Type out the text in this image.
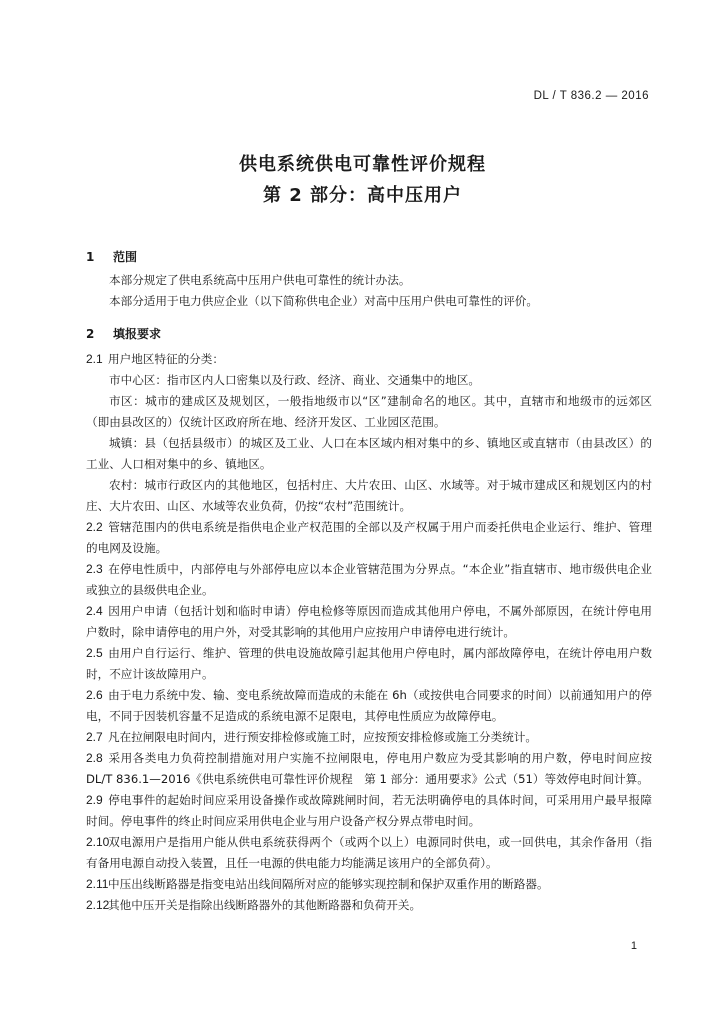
DL / T 836.2 — 2016
供电系统供电可靠性评价规程
第 2 部分：高中压用户
1 范围

本部分规定了供电系统高中压用户供电可靠性的统计办法。

本部分适用于电力供应企业（以下简称供电企业）对高中压用户供电可靠性的评价。

2 填报要求

2.1 用户地区特征的分类：

市中心区：指市区内人口密集以及行政、经济、商业、交通集中的地区。

市区：城市的建成区及规划区，一般指地级市以“区”建制命名的地区。其中，直辖市和地级市的远郊区（即由县改区的）仅统计区政府所在地、经济开发区、工业园区范围。

城镇：县（包括县级市）的城区及工业、人口在本区域内相对集中的乡、镇地区或直辖市（由县改区）的工业、人口相对集中的乡、镇地区。

农村：城市行政区内的其他地区，包括村庄、大片农田、山区、水域等。对于城市建成区和规划区内的村庄、大片农田、山区、水域等农业负荷，仍按“农村”范围统计。

2.2 管辖范围内的供电系统是指供电企业产权范围的全部以及产权属于用户而委托供电企业运行、维护、管理的电网及设施。

2.3 在停电性质中，内部停电与外部停电应以本企业管辖范围为分界点。“本企业”指直辖市、地市级供电企业或独立的县级供电企业。

2.4 因用户申请（包括计划和临时申请）停电检修等原因而造成其他用户停电，不属外部原因，在统计停电用户数时，除申请停电的用户外，对受其影响的其他用户应按用户申请停电进行统计。

2.5 由用户自行运行、维护、管理的供电设施故障引起其他用户停电时，属内部故障停电，在统计停电用户数时，不应计该故障用户。

2.6 由于电力系统中发、输、变电系统故障而造成的未能在 6h（或按供电合同要求的时间）以前通知用户的停电，不同于因装机容量不足造成的系统电源不足限电，其停电性质应为故障停电。

2.7 凡在拉闸限电时间内，进行预安排检修或施工时，应按预安排检修或施工分类统计。

2.8 采用各类电力负荷控制措施对用户实施不拉闸限电，停电用户数应为受其影响的用户数，停电时间应按 DL/T 836.1—2016《供电系统供电可靠性评价规程　第 1 部分：通用要求》公式（51）等效停电时间计算。

2.9 停电事件的起始时间应采用设备操作或故障跳闸时间，若无法明确停电的具体时间，可采用用户最早报障时间。停电事件的终止时间应采用供电企业与用户设备产权分界点带电时间。

2.10双电源用户是指用户能从供电系统获得两个（或两个以上）电源同时供电，或一回供电，其余作备用（指有备用电源自动投入装置，且任一电源的供电能力均能满足该用户的全部负荷）。

2.11中压出线断路器是指变电站出线间隔所对应的能够实现控制和保护双重作用的断路器。

2.12其他中压开关是指除出线断路器外的其他断路器和负荷开关。

1
